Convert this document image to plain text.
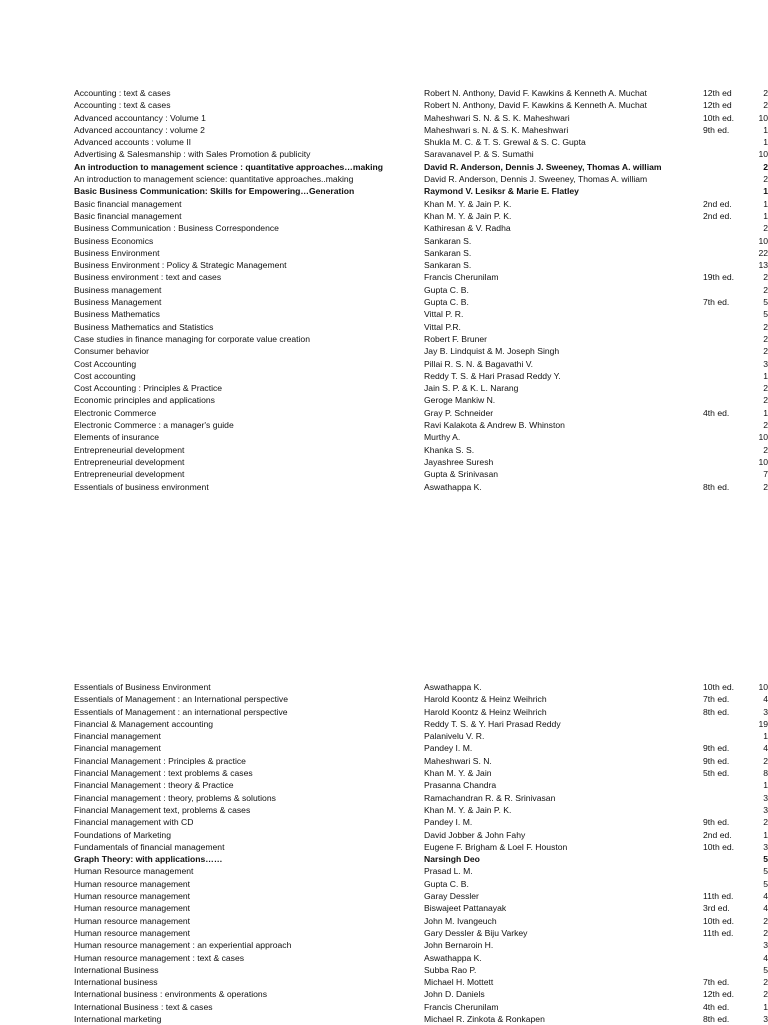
Accounting : text & cases	Robert N. Anthony, David F. Kawkins & Kenneth A. Muchat	12th ed	2
Accounting : text & cases	Robert N. Anthony, David F. Kawkins & Kenneth A. Muchat	12th ed	2
Advanced accountancy : Volume 1	Maheshwari S. N. & S. K. Maheshwari	10th ed.	10
Advanced accountancy : volume 2	Maheshwari s. N. & S. K. Maheshwari	9th ed.	1
Advanced accounts : volume II	Shukla M. C. & T. S. Grewal & S. C. Gupta	1
Advertising & Salesmanship : with Sales Promotion & publicity	Saravanavel P. & S. Sumathi	10
An introduction to management science : quantitative approaches…making	David R. Anderson, Dennis J. Sweeney, Thomas A. william	2
An introduction to management science: quantitative approaches..making	David R. Anderson, Dennis J. Sweeney, Thomas A. william	2
Basic Business Communication: Skills for Empowering…Generation	Raymond V. Lesiksr & Marie E. Flatley	1
Basic financial management	Khan M. Y. & Jain P. K.	2nd ed.	1
Basic financial management	Khan M. Y. & Jain P. K.	2nd ed.	1
Business Communication : Business Correspondence	Kathiresan & V. Radha	2
Business Economics	Sankaran S.	10
Business Environment	Sankaran S.	22
Business Environment : Policy & Strategic Management	Sankaran S.	13
Business environment : text and cases	Francis Cherunilam	19th ed.	2
Business management	Gupta C. B.	2
Business Management	Gupta C. B.	7th ed.	5
Business Mathematics	Vittal P. R.	5
Business Mathematics and Statistics	Vittal P.R.	2
Case studies in finance managing for corporate value creation	Robert F. Bruner	2
Consumer behavior	Jay B. Lindquist & M. Joseph Singh	2
Cost Accounting	Pillai R. S. N. & Bagavathi V.	3
Cost accounting	Reddy T. S. & Hari Prasad Reddy Y.	1
Cost Accounting : Principles & Practice	Jain S. P. & K. L. Narang	2
Economic principles and applications	Geroge Mankiw N.	2
Electronic Commerce	Gray P. Schneider	4th ed.	1
Electronic Commerce : a manager's guide	Ravi Kalakota & Andrew B. Whinston	2
Elements of insurance	Murthy A.	10
Entrepreneurial development	Khanka S. S.	2
Entrepreneurial development	Jayashree Suresh	10
Entrepreneurial development	Gupta & Srinivasan	7
Essentials of business environment	Aswathappa K.	8th ed.	2
Essentials of Business Environment	Aswathappa K.	10th ed.	10
Essentials of Management : an International perspective	Harold Koontz & Heinz Weihrich	7th ed.	4
Essentials of Management : an international perspective	Harold Koontz & Heinz Weihrich	8th ed.	3
Financial & Management accounting	Reddy T. S. & Y. Hari Prasad Reddy	19
Financial management	Palanivelu V. R.	1
Financial management	Pandey I. M.	9th ed.	4
Financial Management : Principles & practice	Maheshwari S. N.	9th ed.	2
Financial Management : text problems & cases	Khan M. Y. & Jain	5th ed.	8
Financial Management : theory & Practice	Prasanna Chandra	1
Financial management : theory, problems & solutions	Ramachandran R. & R. Srinivasan	3
Financial Management text, problems & cases	Khan M. Y. & Jain P. K.	3
Financial management with CD	Pandey I. M.	9th ed.	2
Foundations of Marketing	David Jobber & John Fahy	2nd ed.	1
Fundamentals of financial management	Eugene F. Brigham & Loel F. Houston	10th ed.	3
Graph Theory: with applications……	Narsingh Deo	5
Human Resource management	Prasad L. M.	5
Human resource management	Gupta C. B.	5
Human resource management	Garay Dessler	11th ed.	4
Human resource management	Biswajeet Pattanayak	3rd ed.	4
Human resource management	John M. Ivangeuch	10th ed.	2
Human resource management	Gary Dessler & Biju Varkey	11th ed.	2
Human resource management : an experiential approach	John Bernaroin H.	3
Human resource management : text & cases	Aswathappa K.	4
International Business	Subba Rao P.	5
International business	Michael H. Mottett	7th ed.	2
International business : environments & operations	John D. Daniels	12th ed.	2
International Business : text & cases	Francis Cherunilam	4th ed.	1
International marketing	Michael R. Zinkota & Ronkapen	8th ed.	3
